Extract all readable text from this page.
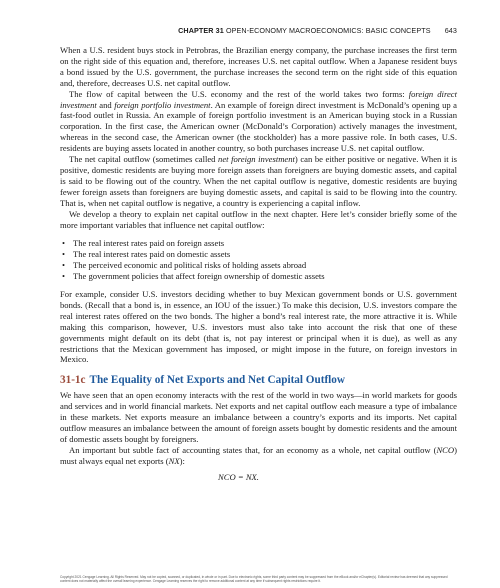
CHAPTER 31 OPEN-ECONOMY MACROECONOMICS: BASIC CONCEPTS 643

When a U.S. resident buys stock in Petrobras, the Brazilian energy company, the purchase increases the first term on the right side of this equation and, therefore, increases U.S. net capital outflow. When a Japanese resident buys a bond issued by the U.S. government, the purchase increases the second term on the right side of this equation and, therefore, decreases U.S. net capital outflow.

The flow of capital between the U.S. economy and the rest of the world takes two forms: foreign direct investment and foreign portfolio investment. An example of foreign direct investment is McDonald’s opening up a fast-food outlet in Russia. An example of foreign portfolio investment is an American buying stock in a Russian corporation. In the first case, the American owner (McDonald’s Corporation) actively manages the investment, whereas in the second case, the American owner (the stockholder) has a more passive role. In both cases, U.S. residents are buying assets located in another country, so both purchases increase U.S. net capital outflow.

The net capital outflow (sometimes called net foreign investment) can be either positive or negative. When it is positive, domestic residents are buying more foreign assets than foreigners are buying domestic assets, and capital is said to be flowing out of the country. When the net capital outflow is negative, domestic residents are buying fewer foreign assets than foreigners are buying domestic assets, and capital is said to be flowing into the country. That is, when net capital outflow is negative, a country is experiencing a capital inflow.

We develop a theory to explain net capital outflow in the next chapter. Here let’s consider briefly some of the more important variables that influence net capital outflow:

• The real interest rates paid on foreign assets
• The real interest rates paid on domestic assets
• The perceived economic and political risks of holding assets abroad
• The government policies that affect foreign ownership of domestic assets

For example, consider U.S. investors deciding whether to buy Mexican government bonds or U.S. government bonds. (Recall that a bond is, in essence, an IOU of the issuer.) To make this decision, U.S. investors compare the real interest rates offered on the two bonds. The higher a bond’s real interest rate, the more attractive it is. While making this comparison, however, U.S. investors must also take into account the risk that one of these governments might default on its debt (that is, not pay interest or principal when it is due), as well as any restrictions that the Mexican government has imposed, or might impose in the future, on foreign investors in Mexico.

31-1c The Equality of Net Exports and Net Capital Outflow

We have seen that an open economy interacts with the rest of the world in two ways—in world markets for goods and services and in world financial markets. Net exports and net capital outflow each measure a type of imbalance in these markets. Net exports measure an imbalance between a country’s exports and its imports. Net capital outflow measures an imbalance between the amount of foreign assets bought by domestic residents and the amount of domestic assets bought by foreigners.

An important but subtle fact of accounting states that, for an economy as a whole, net capital outflow (NCO) must always equal net exports (NX):

NCO = NX.
Copyright 2021 Cengage Learning. All Rights Reserved. May not be copied, scanned, or duplicated, in whole or in part. Due to electronic rights, some third party content may be suppressed from the eBook and/or eChapter(s). Editorial review has deemed that any suppressed content does not materially affect the overall learning experience. Cengage Learning reserves the right to remove additional content at any time if subsequent rights restrictions require it.
